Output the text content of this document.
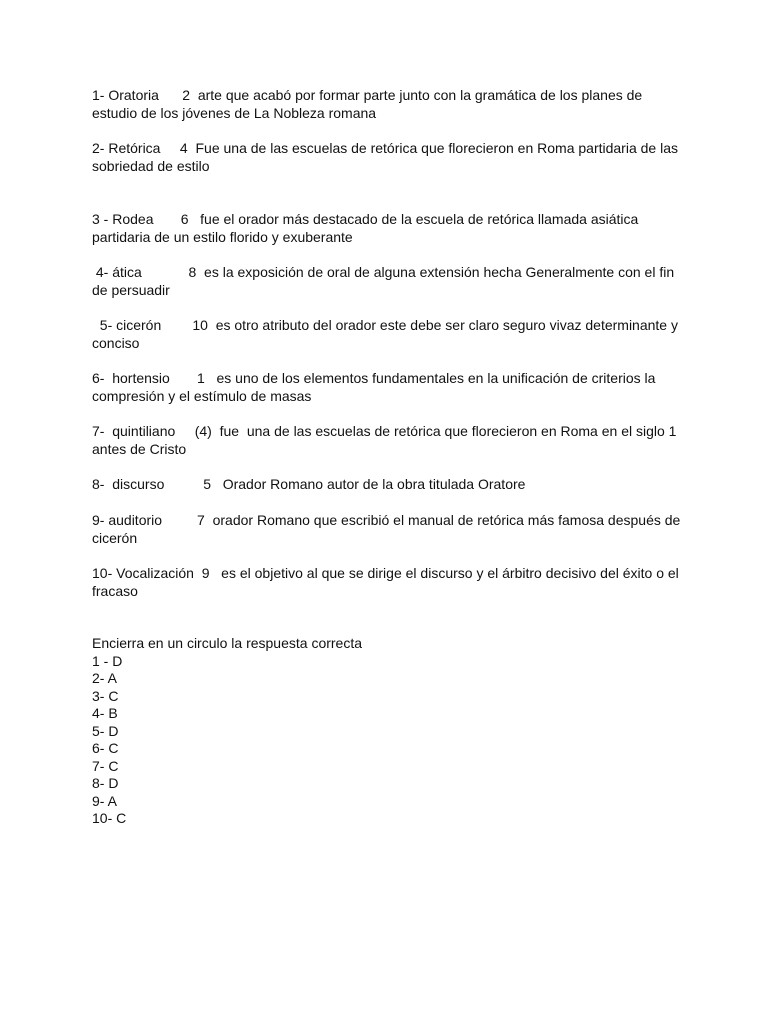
1- Oratoria      2  arte que acabó por formar parte junto con la gramática de los planes de estudio de los jóvenes de La Nobleza romana
2- Retórica     4  Fue una de las escuelas de retórica que florecieron en Roma partidaria de las sobriedad de estilo
3 - Rodea       6   fue el orador más destacado de la escuela de retórica llamada asiática partidaria de un estilo florido y exuberante
4- ática            8  es la exposición de oral de alguna extensión hecha Generalmente con el fin de persuadir
5- cicerón        10  es otro atributo del orador este debe ser claro seguro vivaz determinante y conciso
6-  hortensio       1   es uno de los elementos fundamentales en la unificación de criterios la compresión y el estímulo de masas
7-  quintiliano     (4)  fue  una de las escuelas de retórica que florecieron en Roma en el siglo 1 antes de Cristo
8-  discurso          5   Orador Romano autor de la obra titulada Oratore
9- auditorio         7  orador Romano que escribió el manual de retórica más famosa después de cicerón
10- Vocalización  9   es el objetivo al que se dirige el discurso y el árbitro decisivo del éxito o el fracaso
Encierra en un circulo la respuesta correcta
1 - D
2- A
3- C
4- B
5- D
6- C
7- C
8- D
9- A
10- C
